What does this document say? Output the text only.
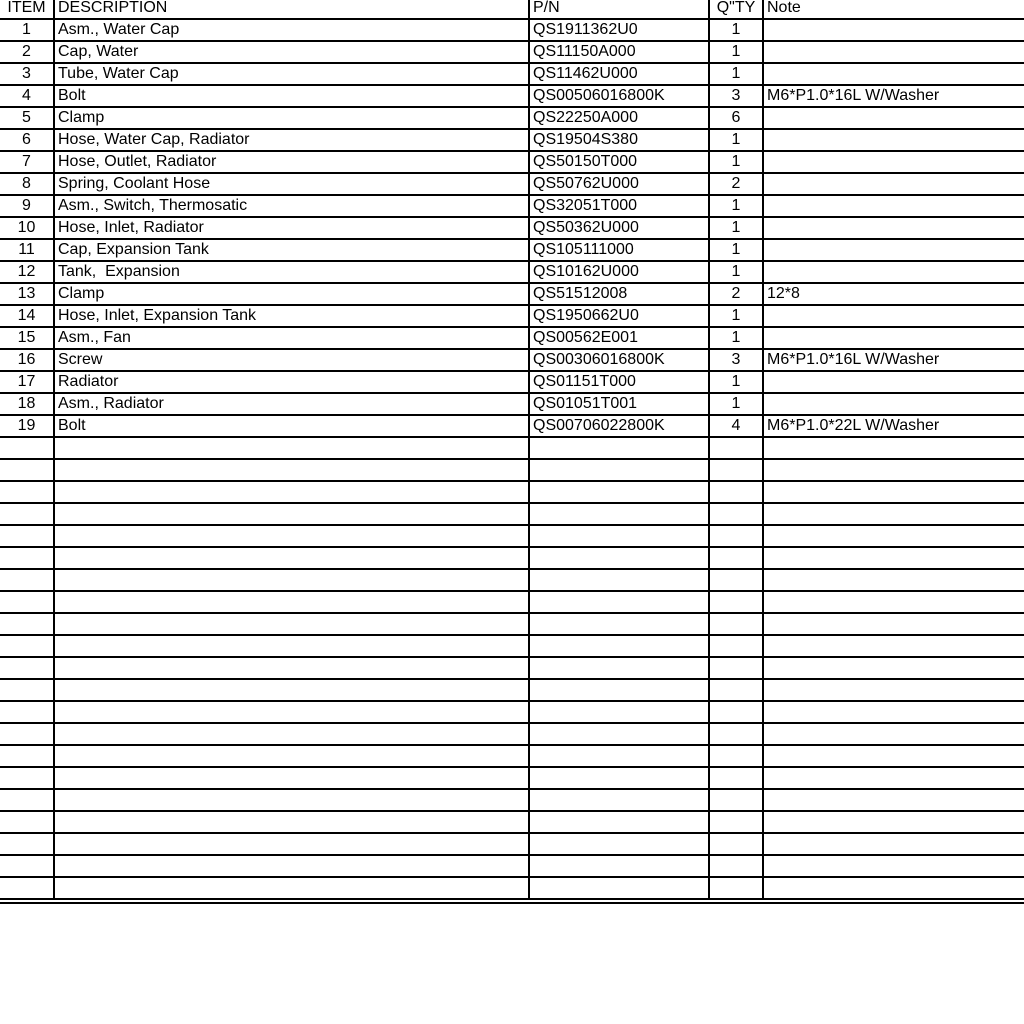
ITEM	DESCRIPTION	P/N	Q"TY	Note
1	Asm., Water Cap	QS1911362U0	1	
2	Cap, Water	QS11150A000	1	
3	Tube, Water Cap	QS11462U000	1	
4	Bolt	QS00506016800K	3	M6*P1.0*16L W/Washer
5	Clamp	QS22250A000	6	
6	Hose, Water Cap, Radiator	QS19504S380	1	
7	Hose, Outlet, Radiator	QS50150T000	1	
8	Spring, Coolant Hose	QS50762U000	2	
9	Asm., Switch, Thermosatic	QS32051T000	1	
10	Hose, Inlet, Radiator	QS50362U000	1	
11	Cap, Expansion Tank	QS105111000	1	
12	Tank,  Expansion	QS10162U000	1	
13	Clamp	QS51512008	2	12*8
14	Hose, Inlet, Expansion Tank	QS1950662U0	1	
15	Asm., Fan	QS00562E001	1	
16	Screw	QS00306016800K	3	M6*P1.0*16L W/Washer
17	Radiator	QS01151T000	1	
18	Asm., Radiator	QS01051T001	1	
19	Bolt	QS00706022800K	4	M6*P1.0*22L W/Washer
